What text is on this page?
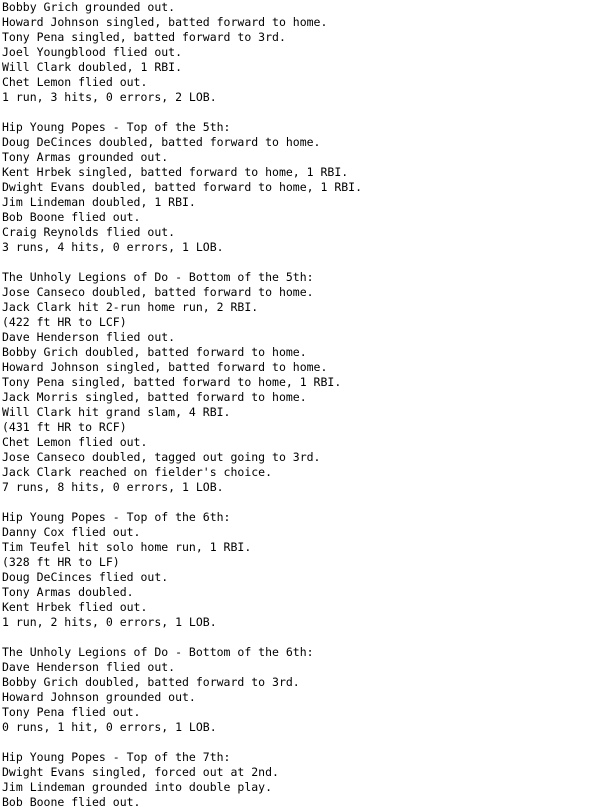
Bobby Grich grounded out.
Howard Johnson singled, batted forward to home.
Tony Pena singled, batted forward to 3rd.
Joel Youngblood flied out.
Will Clark doubled, 1 RBI.
Chet Lemon flied out.
1 run, 3 hits, 0 errors, 2 LOB.
Hip Young Popes - Top of the 5th:
Doug DeCinces doubled, batted forward to home.
Tony Armas grounded out.
Kent Hrbek singled, batted forward to home, 1 RBI.
Dwight Evans doubled, batted forward to home, 1 RBI.
Jim Lindeman doubled, 1 RBI.
Bob Boone flied out.
Craig Reynolds flied out.
3 runs, 4 hits, 0 errors, 1 LOB.
The Unholy Legions of Do - Bottom of the 5th:
Jose Canseco doubled, batted forward to home.
Jack Clark hit 2-run home run, 2 RBI.
(422 ft HR to LCF)
Dave Henderson flied out.
Bobby Grich doubled, batted forward to home.
Howard Johnson singled, batted forward to home.
Tony Pena singled, batted forward to home, 1 RBI.
Jack Morris singled, batted forward to home.
Will Clark hit grand slam, 4 RBI.
(431 ft HR to RCF)
Chet Lemon flied out.
Jose Canseco doubled, tagged out going to 3rd.
Jack Clark reached on fielder's choice.
7 runs, 8 hits, 0 errors, 1 LOB.
Hip Young Popes - Top of the 6th:
Danny Cox flied out.
Tim Teufel hit solo home run, 1 RBI.
(328 ft HR to LF)
Doug DeCinces flied out.
Tony Armas doubled.
Kent Hrbek flied out.
1 run, 2 hits, 0 errors, 1 LOB.
The Unholy Legions of Do - Bottom of the 6th:
Dave Henderson flied out.
Bobby Grich doubled, batted forward to 3rd.
Howard Johnson grounded out.
Tony Pena flied out.
0 runs, 1 hit, 0 errors, 1 LOB.
Hip Young Popes - Top of the 7th:
Dwight Evans singled, forced out at 2nd.
Jim Lindeman grounded into double play.
Bob Boone flied out.
